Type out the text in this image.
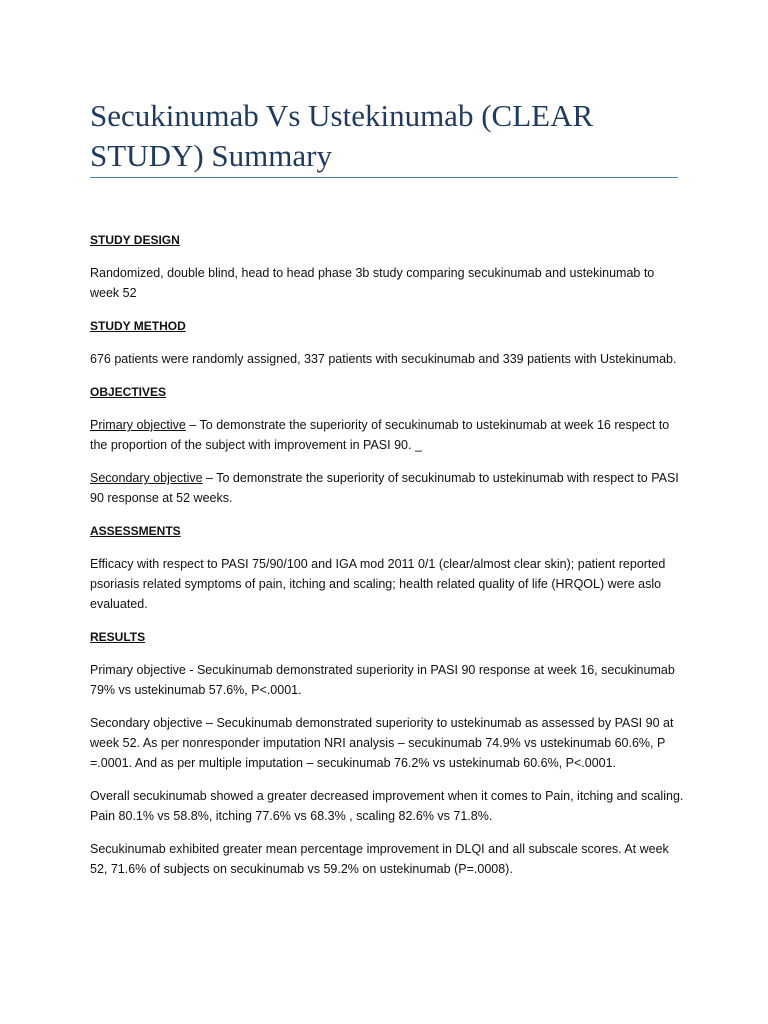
Secukinumab Vs Ustekinumab (CLEAR STUDY) Summary

STUDY DESIGN

Randomized, double blind, head to head phase 3b study comparing secukinumab and ustekinumab to week 52

STUDY METHOD

676 patients were randomly assigned, 337 patients with secukinumab and 339 patients with Ustekinumab.

OBJECTIVES

Primary objective – To demonstrate the superiority of secukinumab to ustekinumab at week 16 respect to the proportion of the subject with improvement in PASI 90. _

Secondary objective – To demonstrate the superiority of secukinumab to ustekinumab with respect to PASI 90 response at 52 weeks.

ASSESSMENTS

Efficacy with respect to PASI 75/90/100 and IGA mod 2011 0/1 (clear/almost clear skin); patient reported psoriasis related symptoms of pain, itching and scaling; health related quality of life (HRQOL) were aslo evaluated.

RESULTS

Primary objective - Secukinumab demonstrated superiority in PASI 90 response at week 16, secukinumab 79% vs ustekinumab 57.6%, P<.0001.

Secondary objective – Secukinumab demonstrated superiority to ustekinumab as assessed by PASI 90 at week 52. As per nonresponder imputation NRI analysis – secukinumab 74.9% vs ustekinumab 60.6%, P =.0001. And as per multiple imputation – secukinumab 76.2% vs ustekinumab 60.6%, P<.0001.

Overall secukinumab showed a greater decreased improvement when it comes to Pain, itching and scaling. Pain 80.1% vs 58.8%, itching 77.6% vs 68.3% , scaling 82.6% vs 71.8%.

Secukinumab exhibited greater mean percentage improvement in DLQI and all subscale scores. At week 52, 71.6% of subjects on secukinumab vs 59.2% on ustekinumab (P=.0008).
